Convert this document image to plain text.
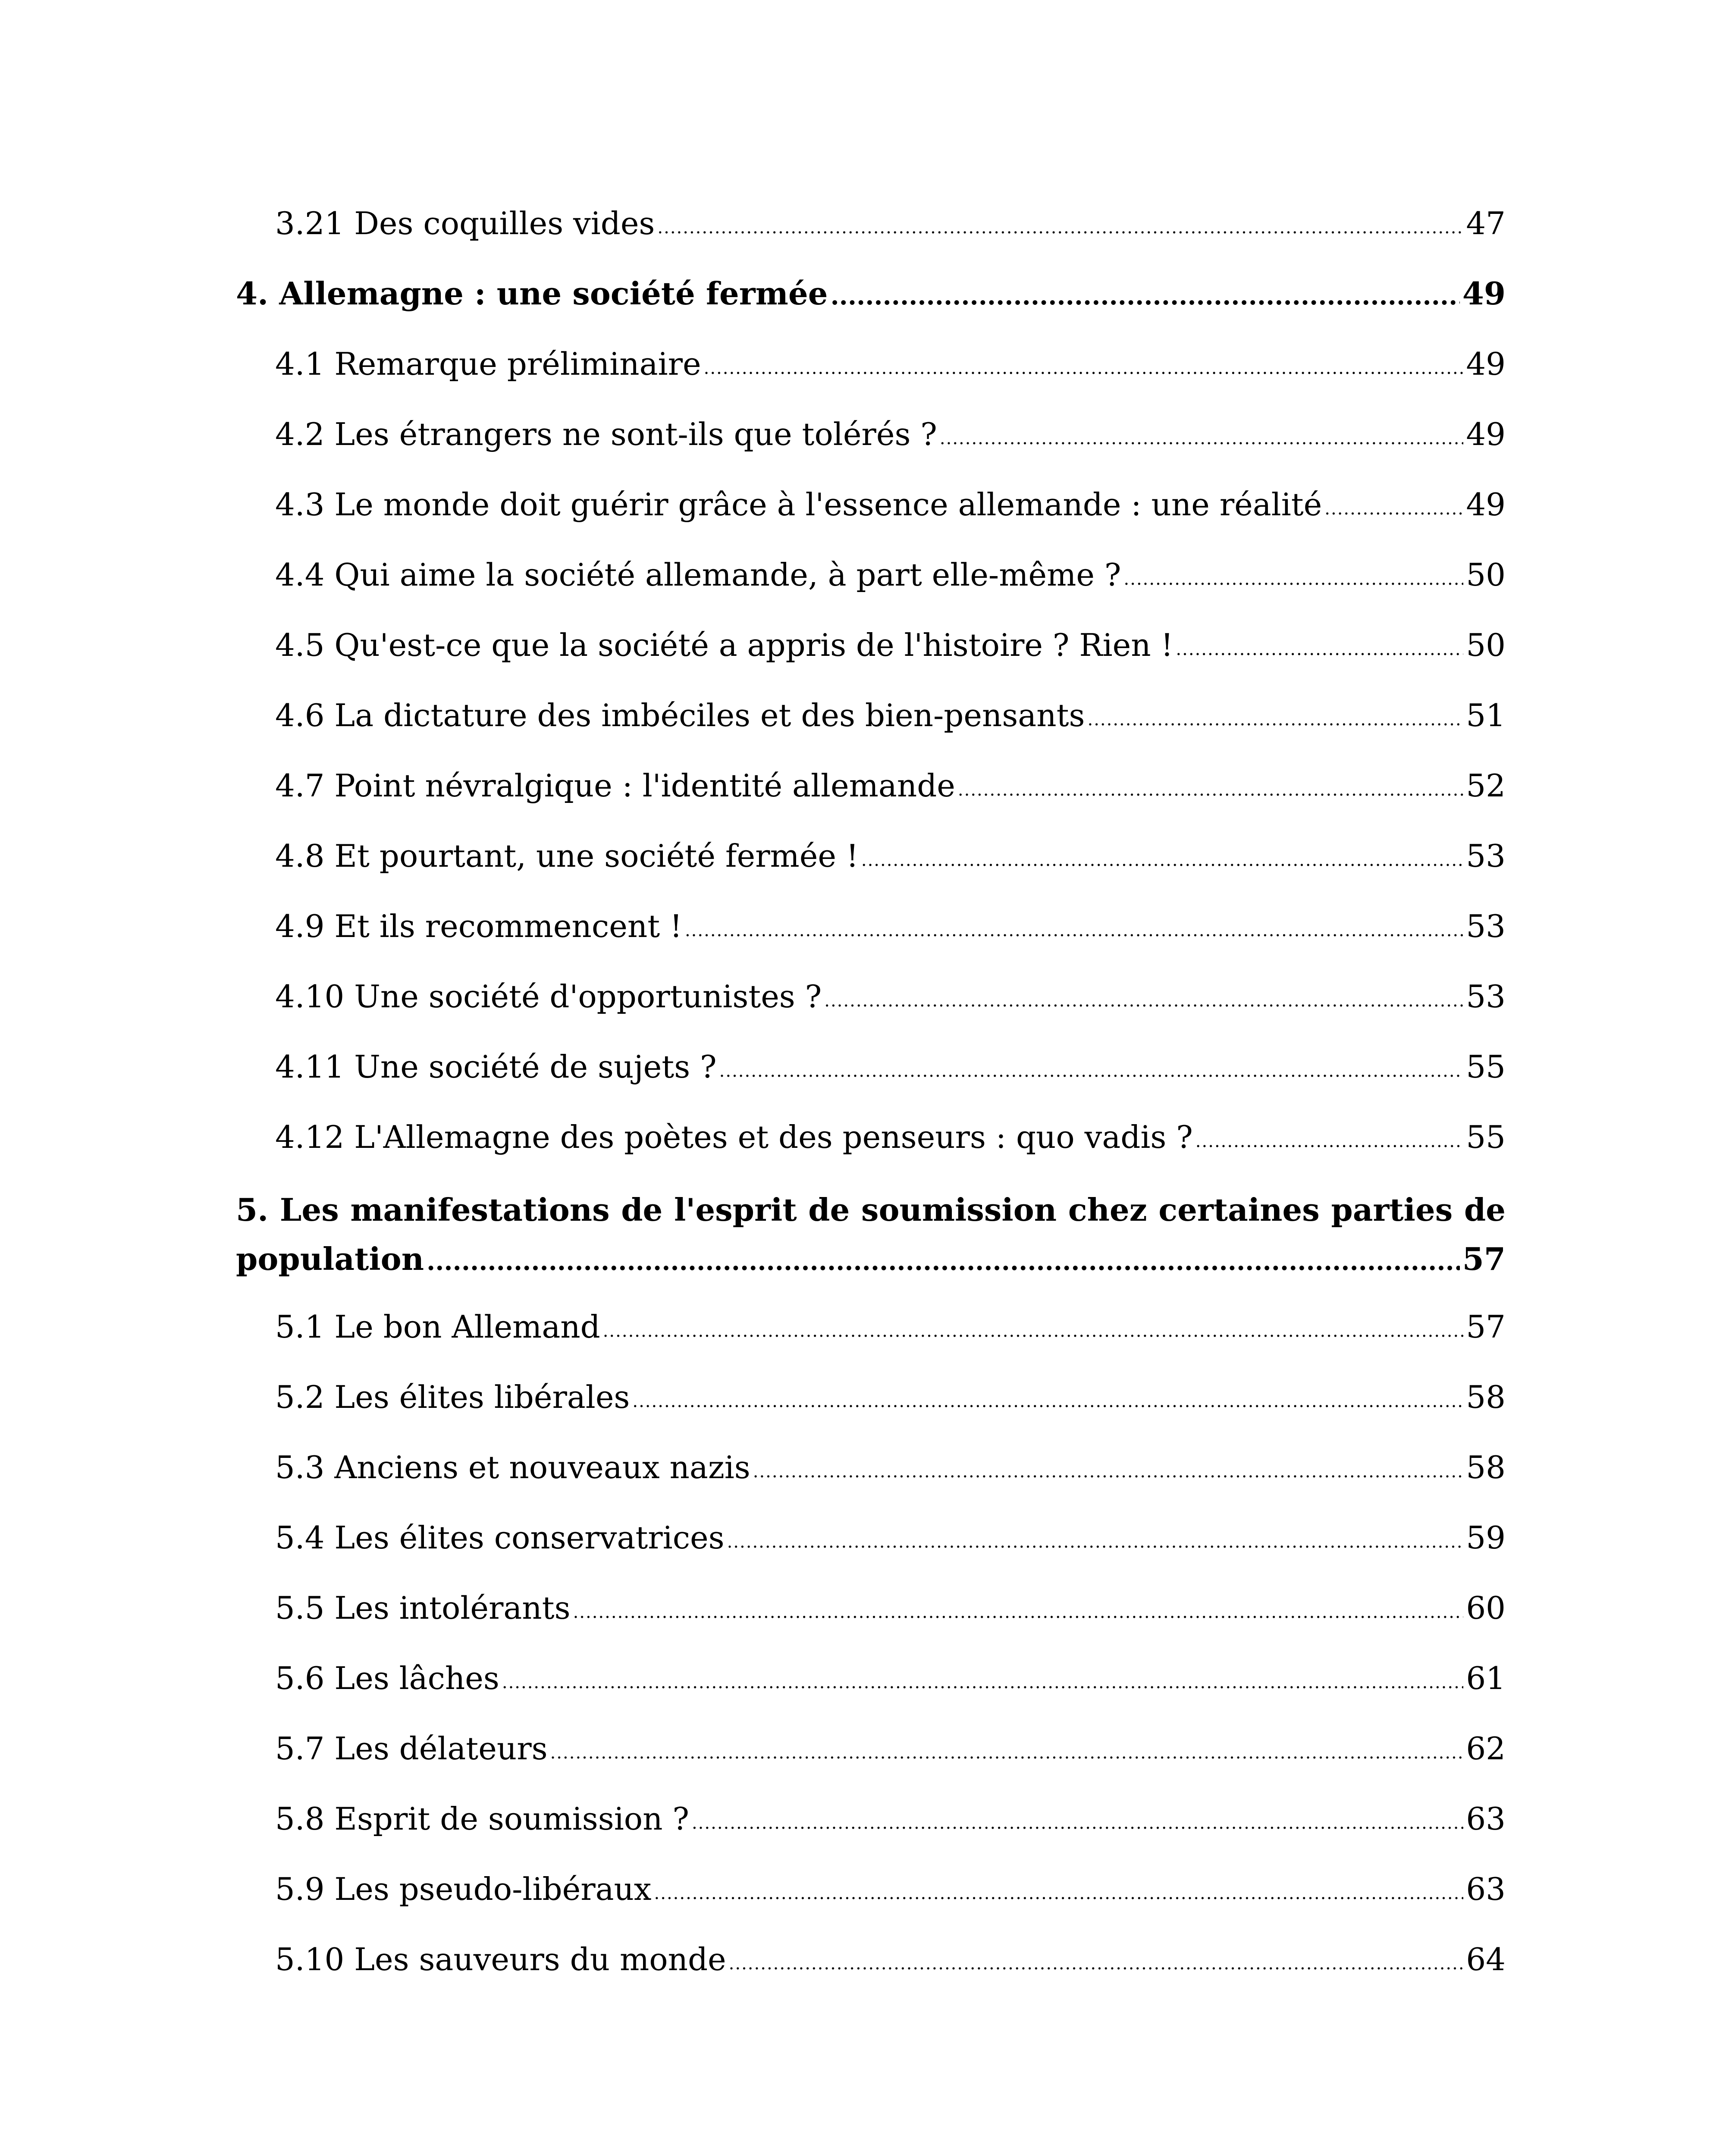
3.21 Des coquilles vides .....	47
4. Allemagne : une société fermée .....	49
4.1 Remarque préliminaire .....	49
4.2 Les étrangers ne sont-ils que tolérés ? .....	49
4.3 Le monde doit guérir grâce à l'essence allemande : une réalité .....	49
4.4 Qui aime la société allemande, à part elle-même ? .....	50
4.5 Qu'est-ce que la société a appris de l'histoire ? Rien ! .....	50
4.6 La dictature des imbéciles et des bien-pensants .....	51
4.7 Point névralgique : l'identité allemande .....	52
4.8 Et pourtant, une société fermée ! .....	53
4.9 Et ils recommencent ! .....	53
4.10 Une société d'opportunistes ? .....	53
4.11 Une société de sujets ? .....	55
4.12 L'Allemagne des poètes et des penseurs : quo vadis ? .....	55
5. Les manifestations de l'esprit de soumission chez certaines parties de
population .....	57
5.1 Le bon Allemand .....	57
5.2 Les élites libérales .....	58
5.3 Anciens et nouveaux nazis .....	58
5.4 Les élites conservatrices .....	59
5.5 Les intolérants .....	60
5.6 Les lâches .....	61
5.7 Les délateurs .....	62
5.8 Esprit de soumission ? .....	63
5.9 Les pseudo-libéraux .....	63
5.10 Les sauveurs du monde .....	64
